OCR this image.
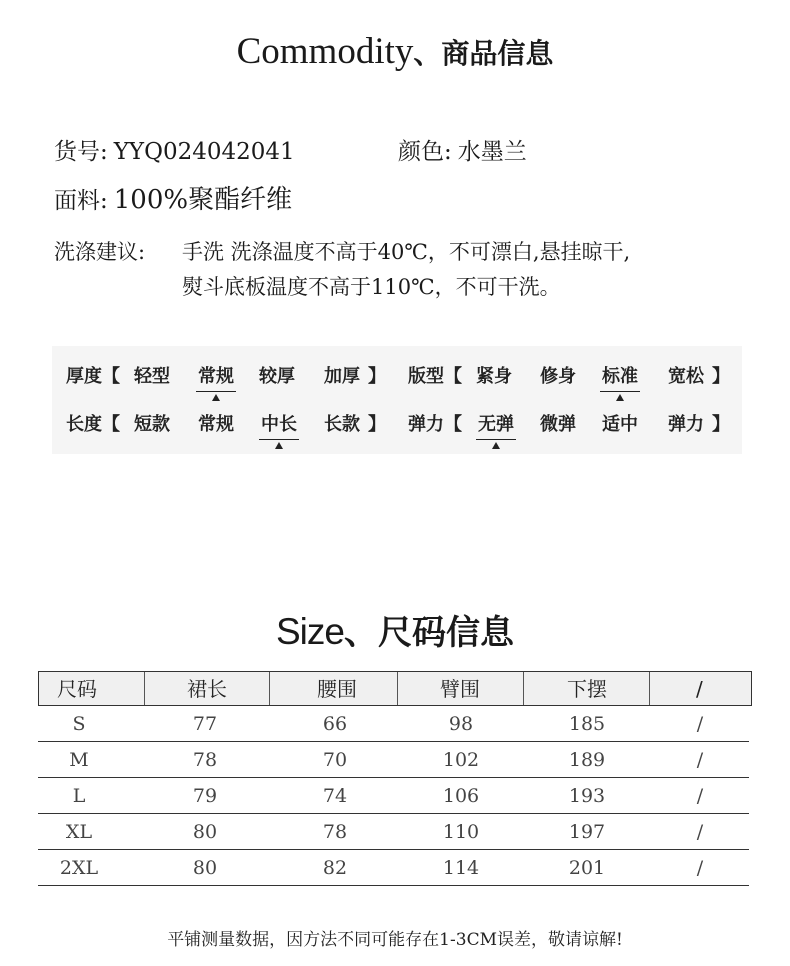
Commodity、商品信息
货号: YYQ024042041	颜色: 水墨兰
面料: 100%聚酯纤维
洗涤建议: 手洗 洗涤温度不高于40℃，不可漂白,悬挂晾干,
熨斗底板温度不高于110℃，不可干洗。
厚度【 轻型 常规 较厚 加厚 】 版型【 紧身 修身 标准 宽松 】
长度【 短款 常规 中长 长款 】 弹力【 无弹 微弹 适中 弹力 】
Size、尺码信息
尺码	裙长	腰围	臂围	下摆	/
S	77	66	98	185	/
M	78	70	102	189	/
L	79	74	106	193	/
XL	80	78	110	197	/
2XL	80	82	114	201	/
平铺测量数据，因方法不同可能存在1-3CM误差，敬请谅解!
